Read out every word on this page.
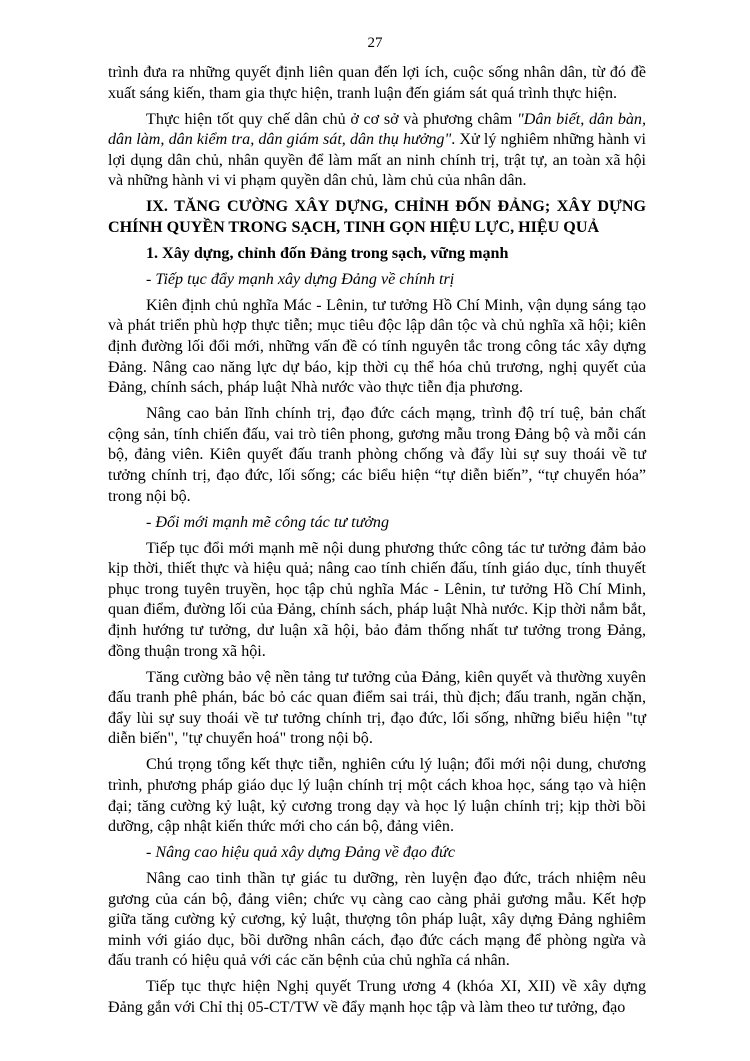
27

trình đưa ra những quyết định liên quan đến lợi ích, cuộc sống nhân dân, từ đó đề xuất sáng kiến, tham gia thực hiện, tranh luận đến giám sát quá trình thực hiện.

Thực hiện tốt quy chế dân chủ ở cơ sở và phương châm "Dân biết, dân bàn, dân làm, dân kiểm tra, dân giám sát, dân thụ hưởng". Xử lý nghiêm những hành vi lợi dụng dân chủ, nhân quyền để làm mất an ninh chính trị, trật tự, an toàn xã hội và những hành vi vi phạm quyền dân chủ, làm chủ của nhân dân.

IX. TĂNG CƯỜNG XÂY DỰNG, CHỈNH ĐỐN ĐẢNG; XÂY DỰNG CHÍNH QUYỀN TRONG SẠCH, TINH GỌN HIỆU LỰC, HIỆU QUẢ

1. Xây dựng, chỉnh đốn Đảng trong sạch, vững mạnh

- Tiếp tục đẩy mạnh xây dựng Đảng về chính trị

Kiên định chủ nghĩa Mác - Lênin, tư tưởng Hồ Chí Minh, vận dụng sáng tạo và phát triển phù hợp thực tiễn; mục tiêu độc lập dân tộc và chủ nghĩa xã hội; kiên định đường lối đổi mới, những vấn đề có tính nguyên tắc trong công tác xây dựng Đảng. Nâng cao năng lực dự báo, kịp thời cụ thể hóa chủ trương, nghị quyết của Đảng, chính sách, pháp luật Nhà nước vào thực tiễn địa phương.

Nâng cao bản lĩnh chính trị, đạo đức cách mạng, trình độ trí tuệ, bản chất cộng sản, tính chiến đấu, vai trò tiên phong, gương mẫu trong Đảng bộ và mỗi cán bộ, đảng viên. Kiên quyết đấu tranh phòng chống và đẩy lùi sự suy thoái về tư tưởng chính trị, đạo đức, lối sống; các biểu hiện “tự diễn biến”, “tự chuyển hóa” trong nội bộ.

- Đổi mới mạnh mẽ công tác tư tưởng

Tiếp tục đổi mới mạnh mẽ nội dung phương thức công tác tư tưởng đảm bảo kịp thời, thiết thực và hiệu quả; nâng cao tính chiến đấu, tính giáo dục, tính thuyết phục trong tuyên truyền, học tập chủ nghĩa Mác - Lênin, tư tưởng Hồ Chí Minh, quan điểm, đường lối của Đảng, chính sách, pháp luật Nhà nước. Kịp thời nắm bắt, định hướng tư tưởng, dư luận xã hội, bảo đảm thống nhất tư tưởng trong Đảng, đồng thuận trong xã hội.

Tăng cường bảo vệ nền tảng tư tưởng của Đảng, kiên quyết và thường xuyên đấu tranh phê phán, bác bỏ các quan điểm sai trái, thù địch; đấu tranh, ngăn chặn, đẩy lùi sự suy thoái về tư tưởng chính trị, đạo đức, lối sống, những biểu hiện "tự diễn biến", "tự chuyển hoá" trong nội bộ.

Chú trọng tổng kết thực tiễn, nghiên cứu lý luận; đổi mới nội dung, chương trình, phương pháp giáo dục lý luận chính trị một cách khoa học, sáng tạo và hiện đại; tăng cường kỷ luật, kỷ cương trong dạy và học lý luận chính trị; kịp thời bồi dưỡng, cập nhật kiến thức mới cho cán bộ, đảng viên.

- Nâng cao hiệu quả xây dựng Đảng về đạo đức

Nâng cao tinh thần tự giác tu dưỡng, rèn luyện đạo đức, trách nhiệm nêu gương của cán bộ, đảng viên; chức vụ càng cao càng phải gương mẫu. Kết hợp giữa tăng cường kỷ cương, kỷ luật, thượng tôn pháp luật, xây dựng Đảng nghiêm minh với giáo dục, bồi dưỡng nhân cách, đạo đức cách mạng để phòng ngừa và đấu tranh có hiệu quả với các căn bệnh của chủ nghĩa cá nhân.

Tiếp tục thực hiện Nghị quyết Trung ương 4 (khóa XI, XII) về xây dựng Đảng gắn với Chỉ thị 05-CT/TW về đẩy mạnh học tập và làm theo tư tưởng, đạo
